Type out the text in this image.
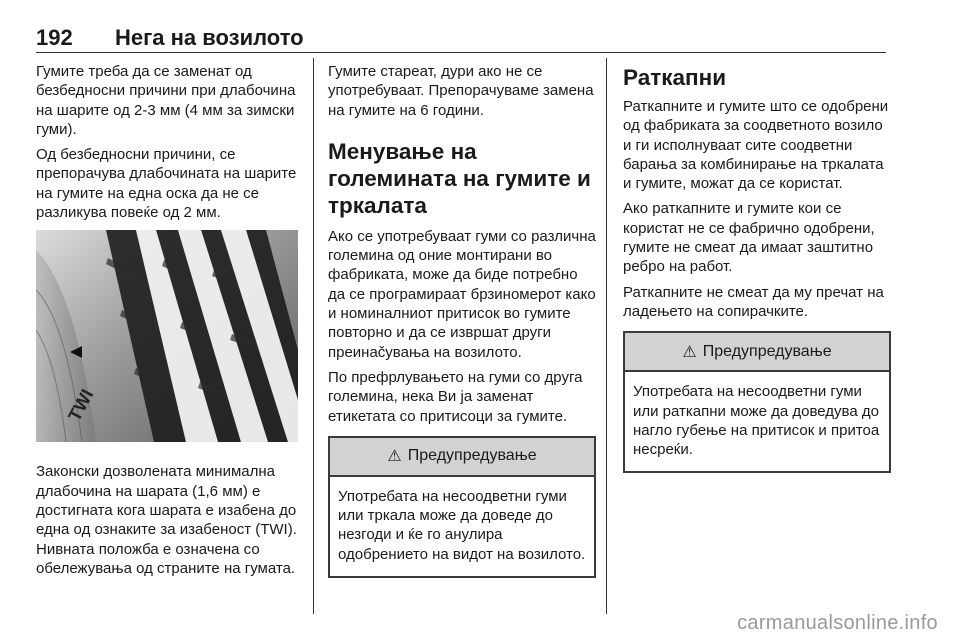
192 Нега на возилото

Гумите треба да се заменат од безбедносни причини при длабочина на шарите од 2-3 мм (4 мм за зимски гуми).

Од безбедносни причини, се препорачува длабочината на шарите на гумите на една оска да не се разликува повеќе од 2 мм.

TWI

Законски дозволената минимална длабочина на шарата (1,6 мм) е достигната кога шарата е изабена до една од ознаките за изабеност (TWI). Нивната положба е означена со обележувања од страните на гумата.

Гумите стареат, дури ако не се употребуваат. Препорачуваме замена на гумите на 6 години.

Менување на големината на гумите и тркалата

Ако се употребуваат гуми со различна големина од оние монтирани во фабриката, може да биде потребно да се програмираат брзиномерот како и номиналниот притисок во гумите повторно и да се извршат други преинаčувања на возилото.

По префрлувањето на гуми со друга големина, нека Ви ја заменат етикетата со притисоци за гумите.

⚠ Предупредување

Употребата на несоодветни гуми или тркала може да доведе до незгоди и ќе го анулира одобрението на видот на возилото.

Раткапни

Раткапните и гумите што се одобрени од фабриката за соодветното возило и ги исполнуваат сите соодветни барања за комбинирање на тркалата и гумите, можат да се користат.

Ако раткапните и гумите кои се користат не се фабрично одобрени, гумите не смеат да имаат заштитно ребро на работ.

Раткапните не смеат да му пречат на ладењето на сопирачките.

⚠ Предупредување

Употребата на несоодветни гуми или раткапни може да доведува до нагло губење на притисок и притоа несреќи.

carmanualsonline.info
